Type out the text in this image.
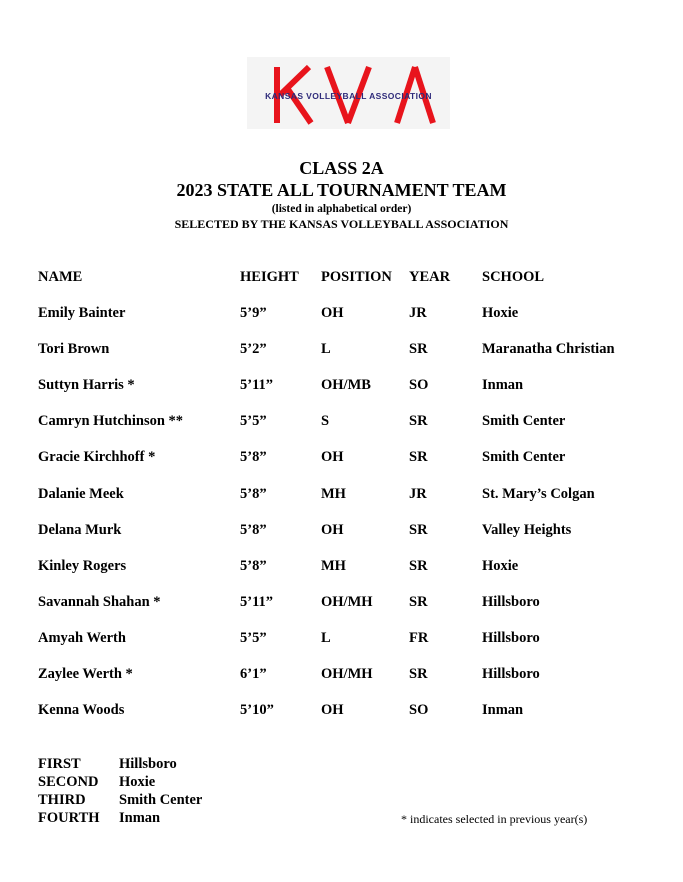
KANSAS VOLLEYBALL ASSOCIATION
CLASS 2A
2023 STATE ALL TOURNAMENT TEAM
(listed in alphabetical order)
SELECTED BY THE KANSAS VOLLEYBALL ASSOCIATION
NAME	HEIGHT POSITION YEAR SCHOOL
Emily Bainter	5’9”	OH	JR	Hoxie
Tori Brown	5’2”	L	SR	Maranatha Christian
Suttyn Harris *	5’11”	OH/MB	SO	Inman
Camryn Hutchinson **	5’5”	S	SR	Smith Center
Gracie Kirchhoff *	5’8”	OH	SR	Smith Center
Dalanie Meek	5’8”	MH	JR	St. Mary’s Colgan
Delana Murk	5’8”	OH	SR	Valley Heights
Kinley Rogers	5’8”	MH	SR	Hoxie
Savannah Shahan *	5’11”	OH/MH	SR	Hillsboro
Amyah Werth	5’5”	L	FR	Hillsboro
Zaylee Werth *	6’1”	OH/MH	SR	Hillsboro
Kenna Woods	5’10”	OH	SO	Inman
FIRST	Hillsboro
SECOND Hoxie
THIRD Smith Center
FOURTH Inman	* indicates selected in previous year(s)
